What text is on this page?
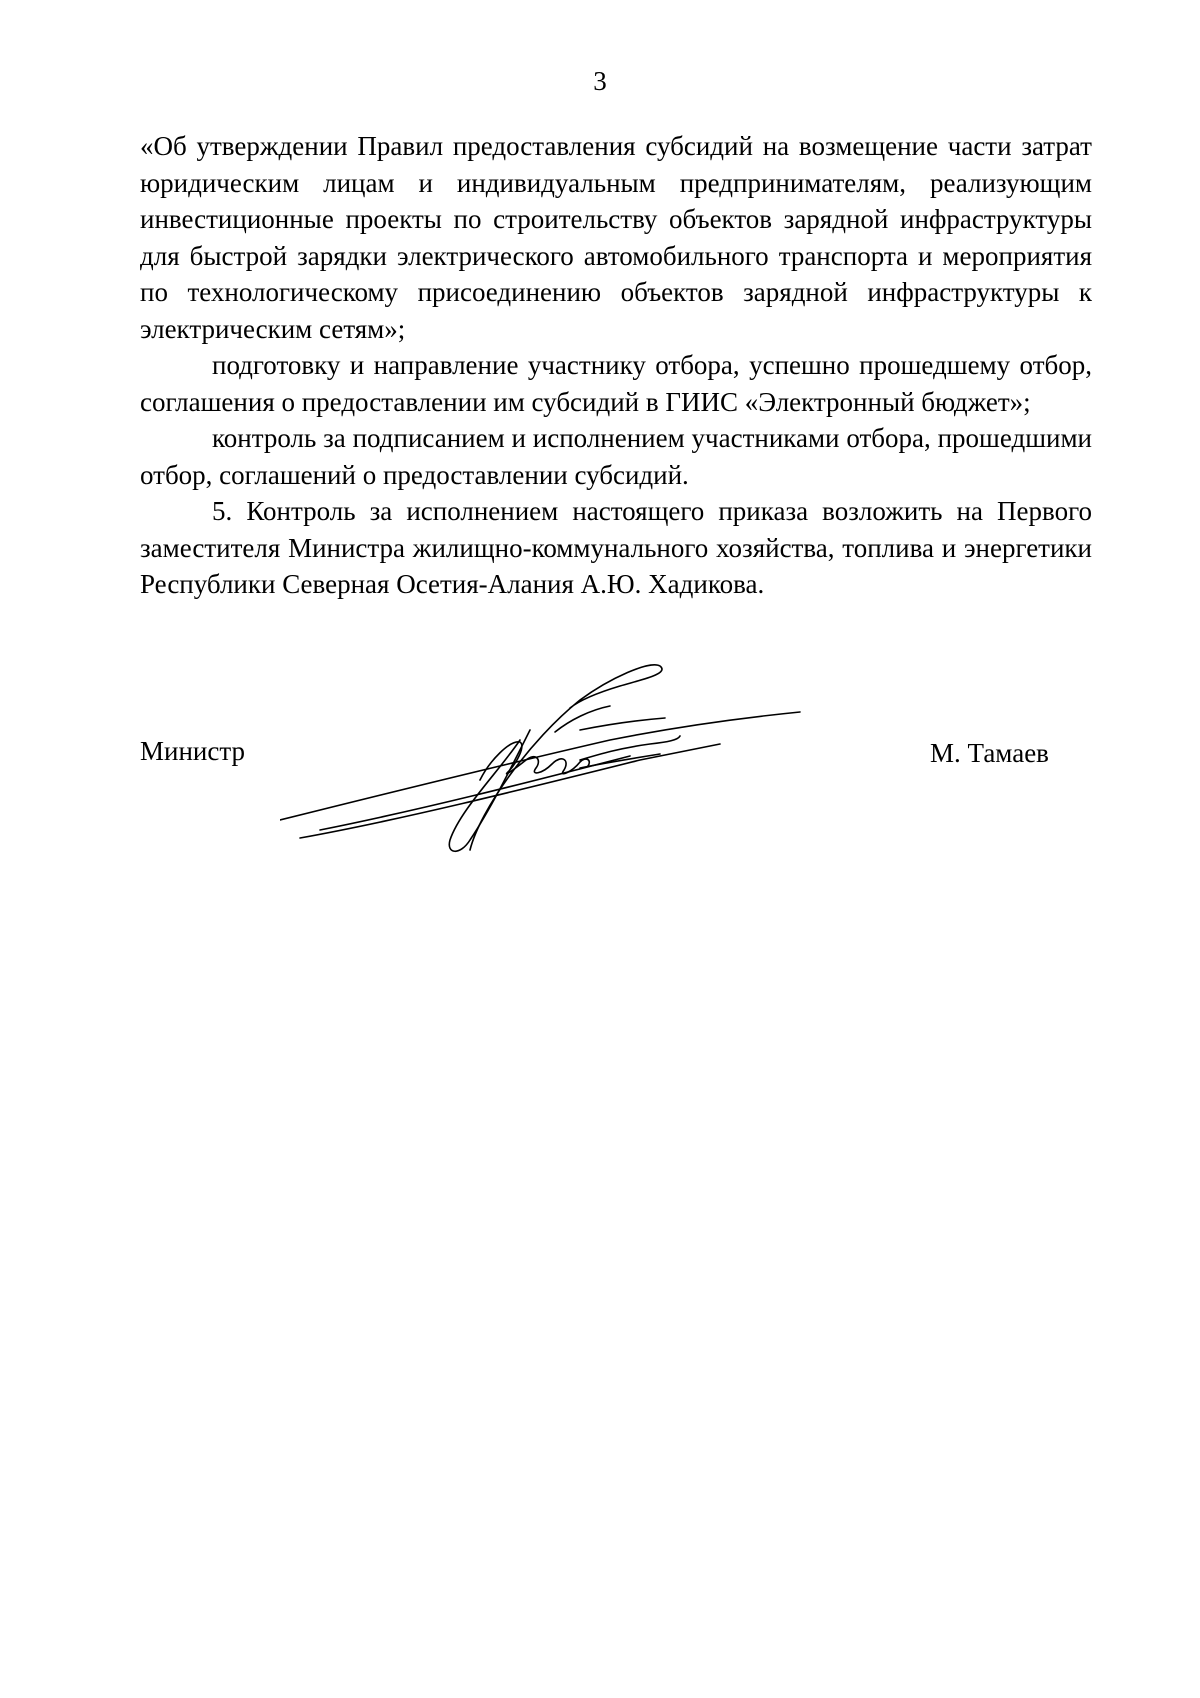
3

«Об утверждении Правил предоставления субсидий на возмещение части затрат юридическим лицам и индивидуальным предпринимателям, реализующим инвестиционные проекты по строительству объектов зарядной инфраструктуры для быстрой зарядки электрического автомобильного транспорта и мероприятия по технологическому присоединению объектов зарядной инфраструктуры к электрическим сетям»;

подготовку и направление участнику отбора, успешно прошедшему отбор, соглашения о предоставлении им субсидий в ГИИС «Электронный бюджет»;

контроль за подписанием и исполнением участниками отбора, прошедшими отбор, соглашений о предоставлении субсидий.

5. Контроль за исполнением настоящего приказа возложить на Первого заместителя Министра жилищно-коммунального хозяйства, топлива и энергетики Республики Северная Осетия-Алания А.Ю. Хадикова.

Министр	М. Тамаев
